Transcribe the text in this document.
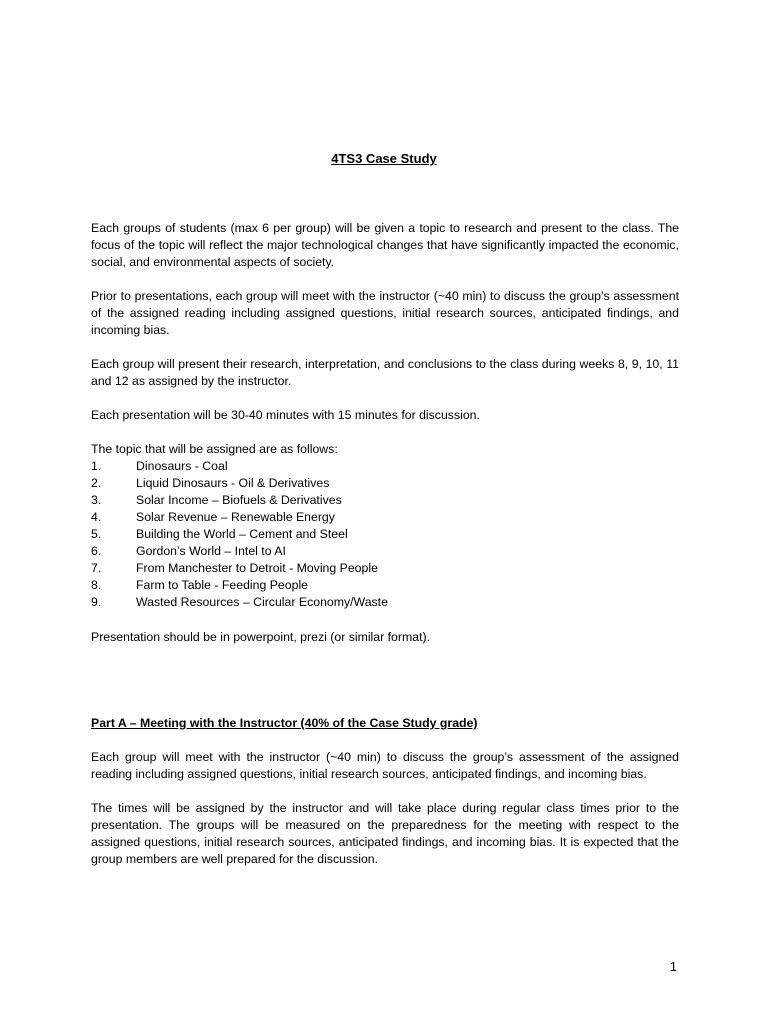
4TS3 Case Study

Each groups of students (max 6 per group) will be given a topic to research and present to the class. The focus of the topic will reflect the major technological changes that have significantly impacted the economic, social, and environmental aspects of society.

Prior to presentations, each group will meet with the instructor (~40 min) to discuss the group’s assessment of the assigned reading including assigned questions, initial research sources, anticipated findings, and incoming bias.

Each group will present their research, interpretation, and conclusions to the class during weeks 8, 9, 10, 11 and 12 as assigned by the instructor.

Each presentation will be 30-40 minutes with 15 minutes for discussion.

The topic that will be assigned are as follows:

1.	Dinosaurs - Coal
2.	Liquid Dinosaurs - Oil & Derivatives
3.	Solar Income – Biofuels & Derivatives
4.	Solar Revenue – Renewable Energy
5.	Building the World – Cement and Steel
6.	Gordon’s World – Intel to AI
7.	From Manchester to Detroit - Moving People
8.	Farm to Table - Feeding People
9.	Wasted Resources – Circular Economy/Waste

Presentation should be in powerpoint, prezi (or similar format).

Part A – Meeting with the Instructor (40% of the Case Study grade)

Each group will meet with the instructor (~40 min) to discuss the group’s assessment of the assigned reading including assigned questions, initial research sources, anticipated findings, and incoming bias.

The times will be assigned by the instructor and will take place during regular class times prior to the presentation. The groups will be measured on the preparedness for the meeting with respect to the assigned questions, initial research sources, anticipated findings, and incoming bias. It is expected that the group members are well prepared for the discussion.

1
